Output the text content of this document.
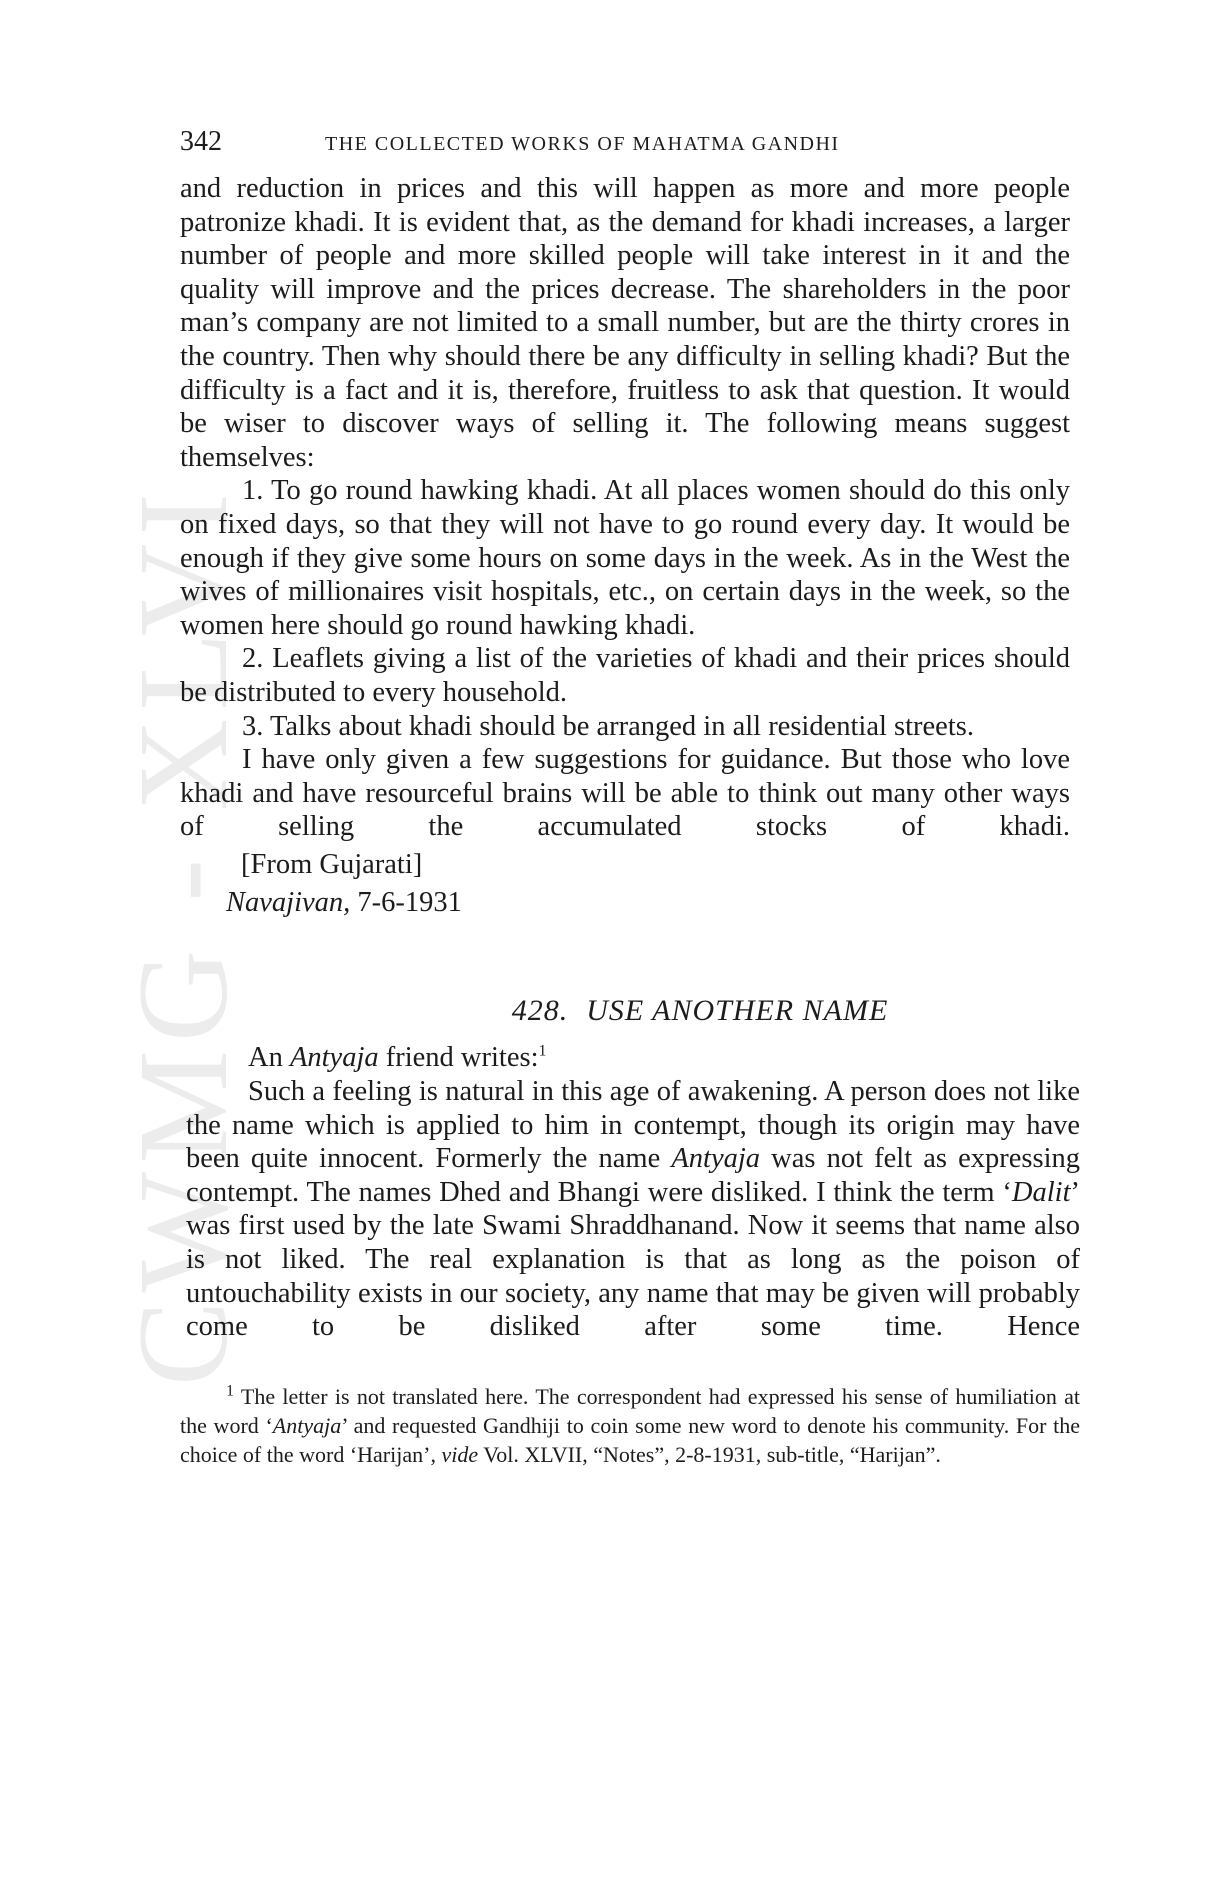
CWMG - XLVI
342	THE COLLECTED WORKS OF MAHATMA GANDHI

and reduction in prices and this will happen as more and more people patronize khadi. It is evident that, as the demand for khadi increases, a larger number of people and more skilled people will take interest in it and the quality will improve and the prices decrease. The shareholders in the poor man’s company are not limited to a small number, but are the thirty crores in the country. Then why should there be any difficulty in selling khadi? But the difficulty is a fact and it is, therefore, fruitless to ask that question. It would be wiser to discover ways of selling it. The following means suggest themselves:

1. To go round hawking khadi. At all places women should do this only on fixed days, so that they will not have to go round every day. It would be enough if they give some hours on some days in the week. As in the West the wives of millionaires visit hospitals, etc., on certain days in the week, so the women here should go round hawking khadi.

2. Leaflets giving a list of the varieties of khadi and their prices should be distributed to every household.

3. Talks about khadi should be arranged in all residential streets.

I have only given a few suggestions for guidance. But those who love khadi and have resourceful brains will be able to think out many other ways of selling the accumulated stocks of khadi.

[From Gujarati]
Navajivan, 7-6-1931
428. USE ANOTHER NAME

An Antyaja friend writes:$^1$

Such a feeling is natural in this age of awakening. A person does not like the name which is applied to him in contempt, though its origin may have been quite innocent. Formerly the name Antyaja was not felt as expressing contempt. The names Dhed and Bhangi were disliked. I think the term ‘Dalit’ was first used by the late Swami Shraddhanand. Now it seems that name also is not liked. The real explanation is that as long as the poison of untouchability exists in our society, any name that may be given will probably come to be disliked after some time. Hence

$^1$ The letter is not translated here. The correspondent had expressed his sense of humiliation at the word ‘Antyaja’ and requested Gandhiji to coin some new word to denote his community. For the choice of the word ‘Harijan’, vide Vol. XLVII, “Notes”, 2-8-1931, sub-title, “Harijan”.
